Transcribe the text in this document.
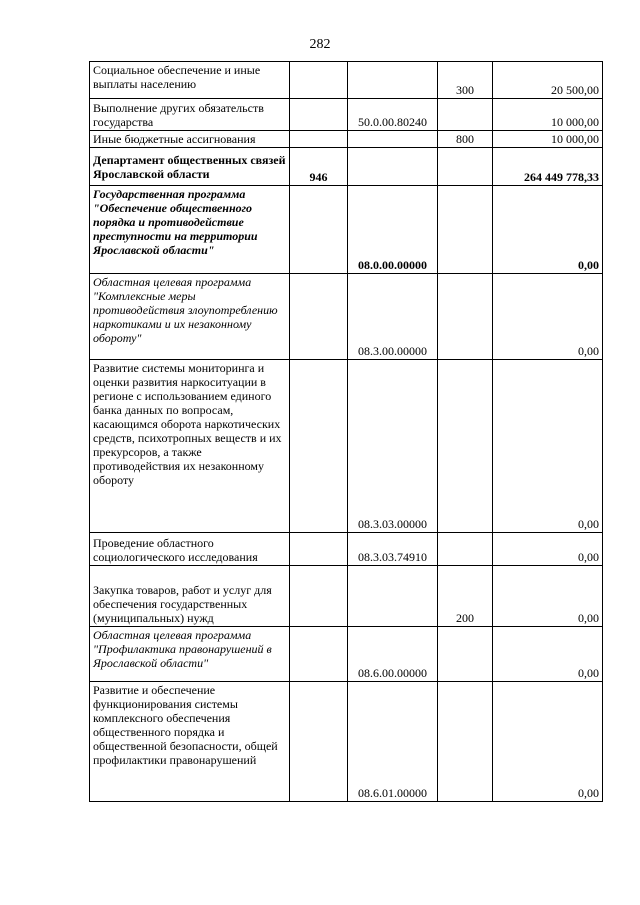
282
Социальное обеспечение и иные выплаты населению			300	20 500,00
Выполнение других обязательств государства		50.0.00.80240		10 000,00
Иные бюджетные ассигнования			800	10 000,00
Департамент общественных связей Ярославской области	946			264 449 778,33
Государственная программа "Обеспечение общественного порядка и противодействие преступности на территории Ярославской области"		08.0.00.00000		0,00
Областная целевая программа "Комплексные меры противодействия злоупотреблению наркотиками и их незаконному обороту"		08.3.00.00000		0,00
Развитие системы мониторинга и оценки развития наркоситуации в регионе с использованием единого банка данных по вопросам, касающимся оборота наркотических средств, психотропных веществ и их прекурсоров, а также противодействия их незаконному обороту		08.3.03.00000		0,00
Проведение областного социологического исследования		08.3.03.74910		0,00
Закупка товаров, работ и услуг для обеспечения государственных (муниципальных) нужд			200	0,00
Областная целевая программа "Профилактика правонарушений в Ярославской области"		08.6.00.00000		0,00
Развитие и обеспечение функционирования системы комплексного обеспечения общественного порядка и общественной безопасности, общей профилактики правонарушений		08.6.01.00000		0,00
